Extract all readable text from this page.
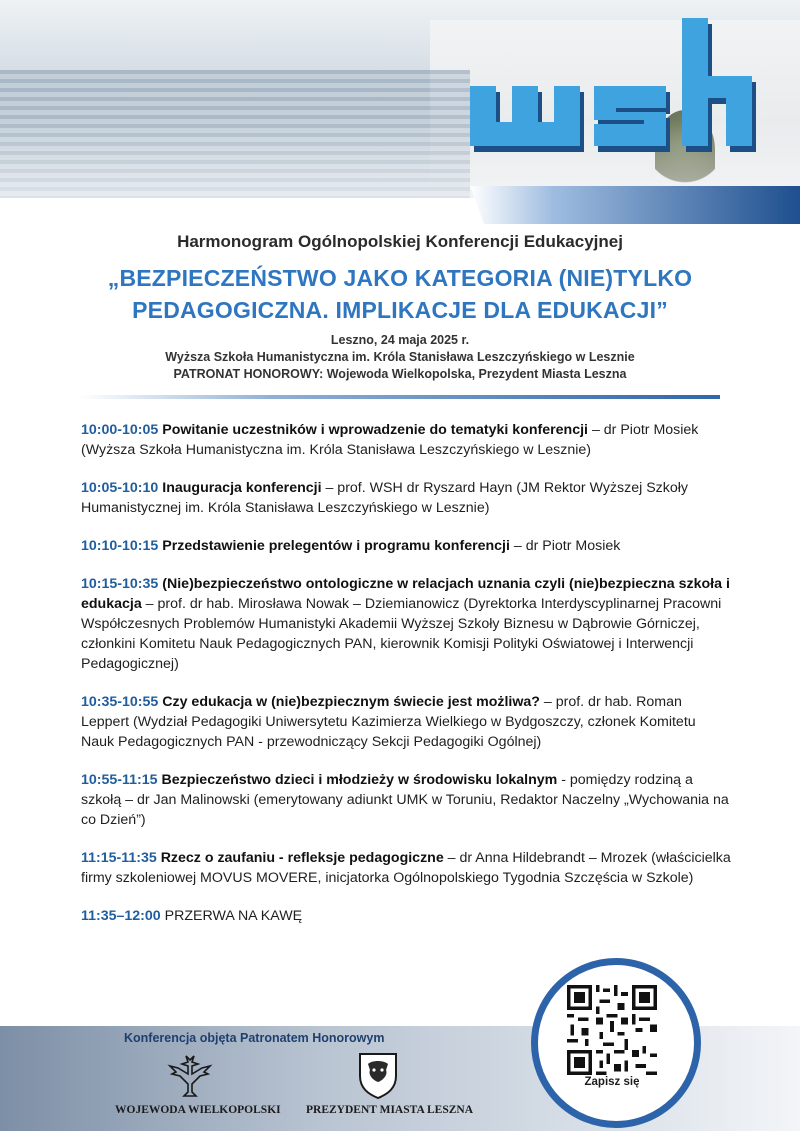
Harmonogram Ogólnopolskiej Konferencji Edukacyjnej

„BEZPIECZEŃSTWO JAKO KATEGORIA (NIE)TYLKO
PEDAGOGICZNA. IMPLIKACJE DLA EDUKACJI”

Leszno, 24 maja 2025 r.
Wyższa Szkoła Humanistyczna im. Króla Stanisława Leszczyńskiego w Lesznie
PATRONAT HONOROWY: Wojewoda Wielkopolska, Prezydent Miasta Leszna

10:00-10:05 Powitanie uczestników i wprowadzenie do tematyki konferencji – dr Piotr Mosiek (Wyższa Szkoła Humanistyczna im. Króla Stanisława Leszczyńskiego w Lesznie)

10:05-10:10 Inauguracja konferencji – prof. WSH dr Ryszard Hayn (JM Rektor Wyższej Szkoły Humanistycznej im. Króla Stanisława Leszczyńskiego w Lesznie)

10:10-10:15 Przedstawienie prelegentów i programu konferencji – dr Piotr Mosiek

10:15-10:35 (Nie)bezpieczeństwo ontologiczne w relacjach uznania czyli (nie)bezpieczna szkoła i edukacja – prof. dr hab. Mirosława Nowak – Dziemianowicz (Dyrektorka Interdyscyplinarnej Pracowni Współczesnych Problemów Humanistyki Akademii Wyższej Szkoły Biznesu w Dąbrowie Górniczej, członkini Komitetu Nauk Pedagogicznych PAN, kierownik Komisji Polityki Oświatowej i Interwencji Pedagogicznej)

10:35-10:55 Czy edukacja w (nie)bezpiecznym świecie jest możliwa? – prof. dr hab. Roman Leppert (Wydział Pedagogiki Uniwersytetu Kazimierza Wielkiego w Bydgoszczy, członek Komitetu Nauk Pedagogicznych PAN - przewodniczący Sekcji Pedagogiki Ogólnej)

10:55-11:15 Bezpieczeństwo dzieci i młodzieży w środowisku lokalnym - pomiędzy rodziną a szkołą – dr Jan Malinowski (emerytowany adiunkt UMK w Toruniu, Redaktor Naczelny „Wychowania na co Dzień”)

11:15-11:35 Rzecz o zaufaniu - refleksje pedagogiczne – dr Anna Hildebrandt – Mrozek (właścicielka firmy szkoleniowej MOVUS MOVERE, inicjatorka Ogólnopolskiego Tygodnia Szczęścia w Szkole)

11:35–12:00 PRZERWA NA KAWĘ

Konferencja objęta Patronatem Honorowym
WOJEWODA WIELKOPOLSKI PREZYDENT MIASTA LESZNA
Zapisz się
